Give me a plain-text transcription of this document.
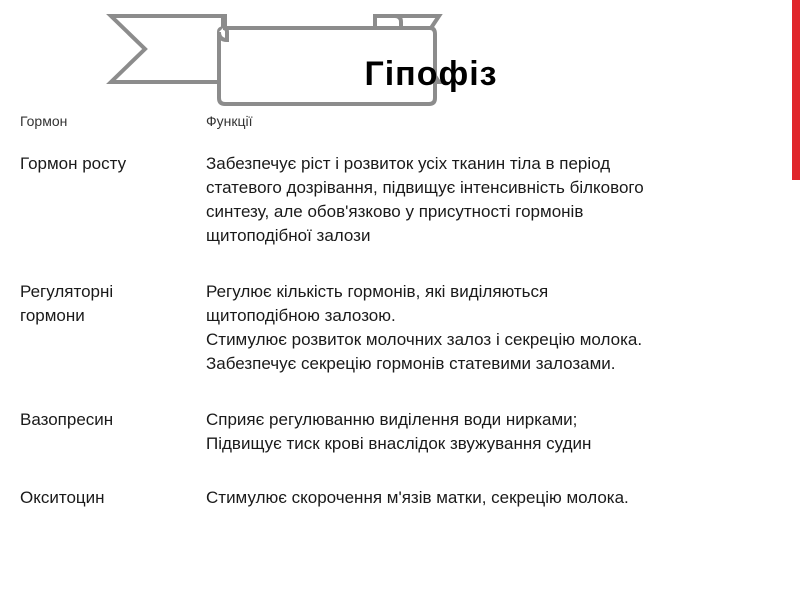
Гіпофіз
Гормон	Функції

Гормон росту	Забезпечує ріст і розвиток усіх тканин тіла в період
статевого дозрівання, підвищує інтенсивність білкового
синтезу, але обов'язково у присутності гормонів
щитоподібної залози

Регуляторні
гормони	Регулює кількість гормонів, які виділяються
щитоподібною залозою.
Стимулює розвиток молочних залоз і секрецію молока.
Забезпечує секрецію гормонів статевими залозами.

Вазопресин	Сприяє регулюванню виділення води нирками;
Підвищує тиск крові внаслідок звужування судин

Окситоцин	Стимулює скорочення м'язів матки, секрецію молока.
